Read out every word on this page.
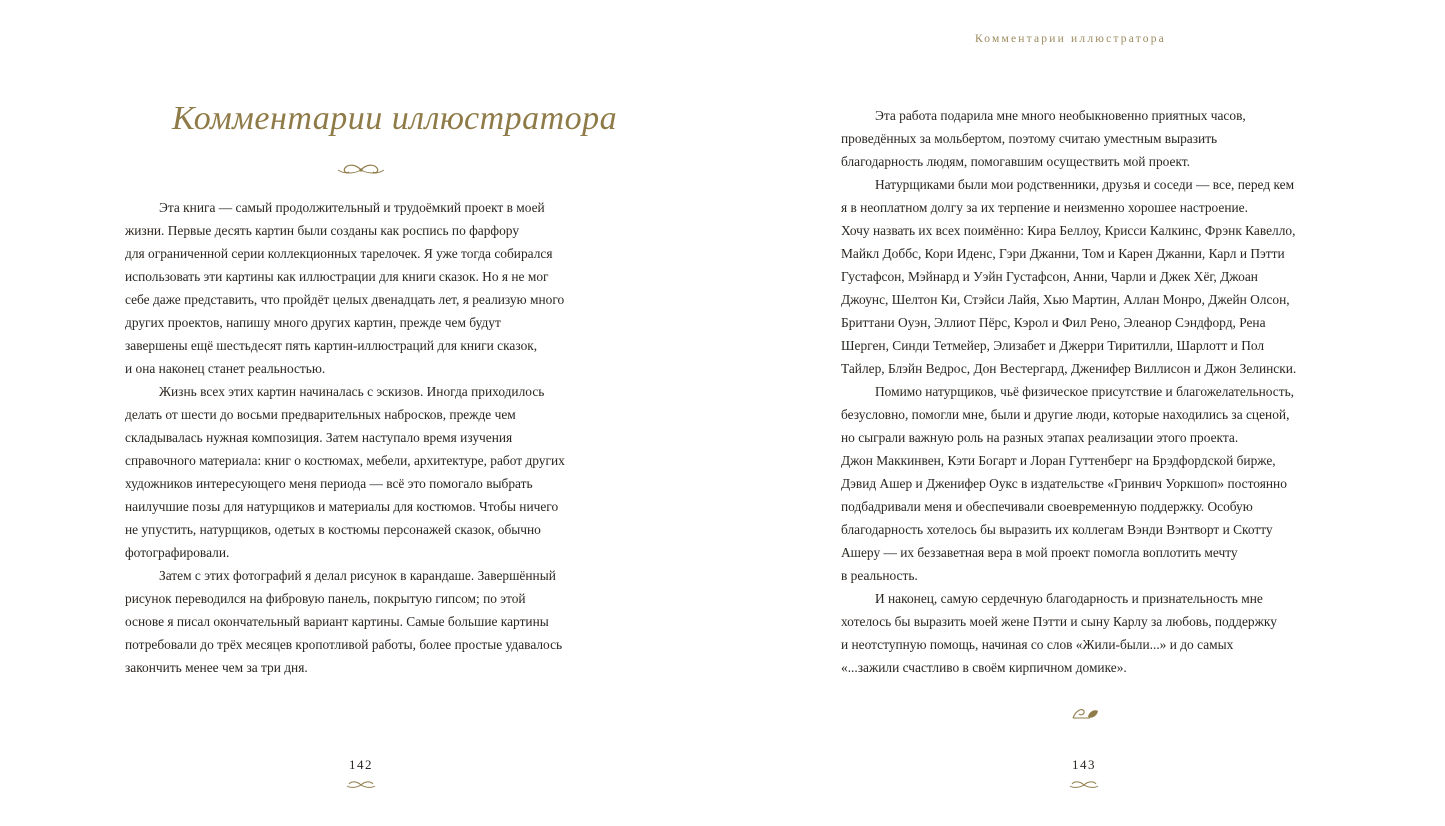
Комментарии иллюстратора
Комментарии иллюстратора
Эта книга — самый продолжительный и трудоёмкий проект в моей
жизни. Первые десять картин были созданы как роспись по фарфору
для ограниченной серии коллекционных тарелочек. Я уже тогда собирался
использовать эти картины как иллюстрации для книги сказок. Но я не мог
себе даже представить, что пройдёт целых двенадцать лет, я реализую много
других проектов, напишу много других картин, прежде чем будут
завершены ещё шестьдесят пять картин-иллюстраций для книги сказок,
и она наконец станет реальностью.
Жизнь всех этих картин начиналась с эскизов. Иногда приходилось
делать от шести до восьми предварительных набросков, прежде чем
складывалась нужная композиция. Затем наступало время изучения
справочного материала: книг о костюмах, мебели, архитектуре, работ других
художников интересующего меня периода — всё это помогало выбрать
наилучшие позы для натурщиков и материалы для костюмов. Чтобы ничего
не упустить, натурщиков, одетых в костюмы персонажей сказок, обычно
фотографировали.
Затем с этих фотографий я делал рисунок в карандаше. Завершённый
рисунок переводился на фибровую панель, покрытую гипсом; по этой
основе я писал окончательный вариант картины. Самые большие картины
потребовали до трёх месяцев кропотливой работы, более простые удавалось
закончить менее чем за три дня.
142
Эта работа подарила мне много необыкновенно приятных часов,
проведённых за мольбертом, поэтому считаю уместным выразить
благодарность людям, помогавшим осуществить мой проект.
Натурщиками были мои родственники, друзья и соседи — все, перед кем
я в неоплатном долгу за их терпение и неизменно хорошее настроение.
Хочу назвать их всех поимённо: Кира Беллоу, Крисси Калкинс, Фрэнк Кавелло,
Майкл Доббс, Кори Иденс, Гэри Джанни, Том и Карен Джанни, Карл и Пэтти
Густафсон, Мэйнард и Уэйн Густафсон, Анни, Чарли и Джек Хёг, Джоан
Джоунс, Шелтон Ки, Стэйси Лайя, Хью Мартин, Аллан Монро, Джейн Олсон,
Бриттани Оуэн, Эллиот Пёрс, Кэрол и Фил Рено, Элеанор Сэндфорд, Рена
Шерген, Синди Тетмейер, Элизабет и Джерри Тиритилли, Шарлотт и Пол
Тайлер, Блэйн Ведрос, Дон Вестергард, Дженифер Виллисон и Джон Зелински.
Помимо натурщиков, чьё физическое присутствие и благожелательность,
безусловно, помогли мне, были и другие люди, которые находились за сценой,
но сыграли важную роль на разных этапах реализации этого проекта.
Джон Маккинвен, Кэти Богарт и Лоран Гуттенберг на Брэдфордской бирже,
Дэвид Ашер и Дженифер Оукс в издательстве «Гринвич Уоркшоп» постоянно
подбадривали меня и обеспечивали своевременную поддержку. Особую
благодарность хотелось бы выразить их коллегам Вэнди Вэнтворт и Скотту
Ашеру — их беззаветная вера в мой проект помогла воплотить мечту
в реальность.
И наконец, самую сердечную благодарность и признательность мне
хотелось бы выразить моей жене Пэтти и сыну Карлу за любовь, поддержку
и неотступную помощь, начиная со слов «Жили-были...» и до самых
«...зажили счастливо в своём кирпичном домике».
143
